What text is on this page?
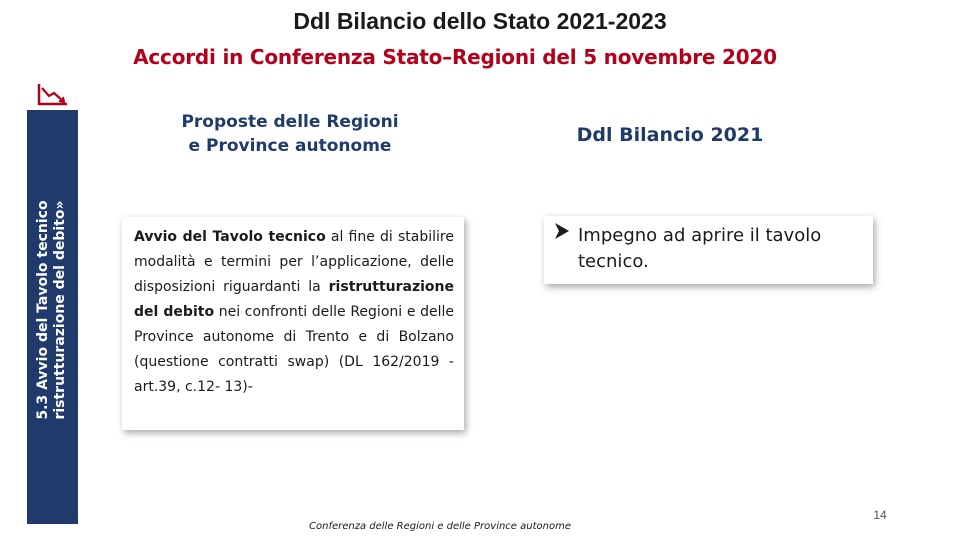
Ddl Bilancio dello Stato 2021-2023
Accordi in Conferenza Stato–Regioni del 5 novembre 2020
5.3 Avvio del Tavolo tecnico ristrutturazione del debito»
Proposte delle Regioni
e Province autonome	Ddl Bilancio 2021
Avvio del Tavolo tecnico al fine di stabilire modalità e termini per l’applicazione, delle disposizioni riguardanti la ristrutturazione del debito nei confronti delle Regioni e delle Province autonome di Trento e di Bolzano (questione contratti swap) (DL 162/2019 - art.39, c.12- 13)-
Impegno ad aprire il tavolo tecnico.
14
Conferenza delle Regioni e delle Province autonome
